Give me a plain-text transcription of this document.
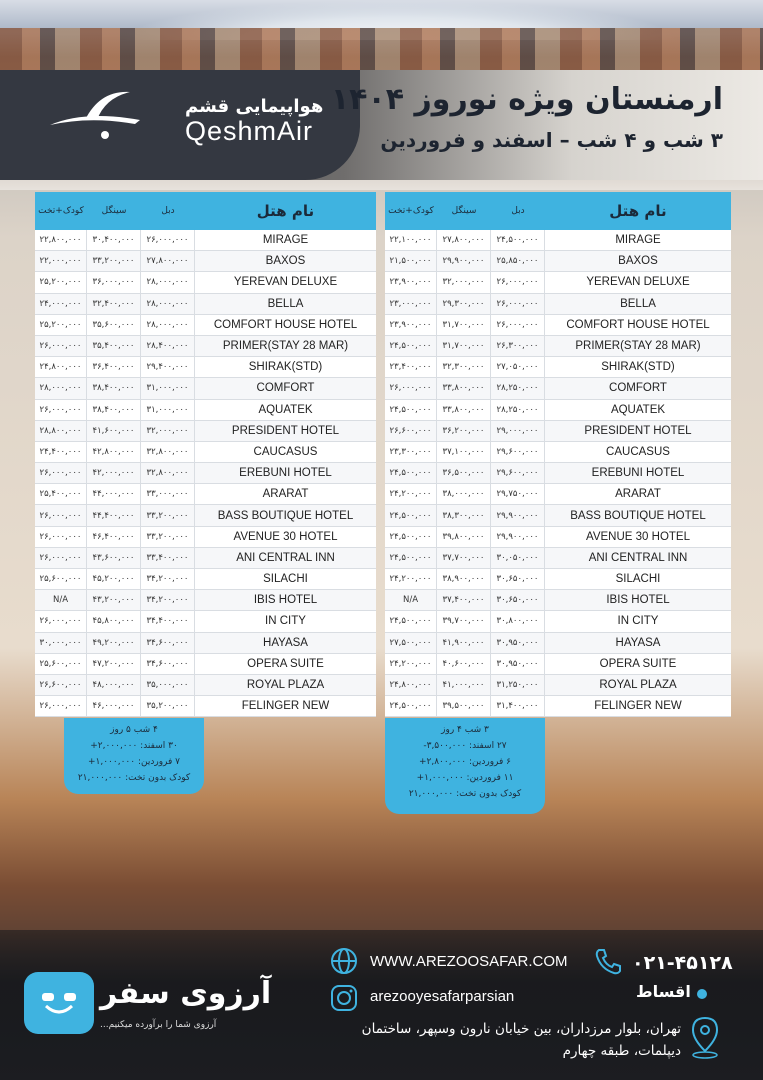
هواپیمایی قشم
QeshmAir
ارمنستان ویژه نوروز ۱۴۰۴
۳ شب و ۴ شب – اسفند و فروردین
کودک+تخت	سینگل	دبل	نام هتل
۲۲,۸۰۰,۰۰۰	۳۰,۴۰۰,۰۰۰	۲۶,۰۰۰,۰۰۰	MIRAGE
۲۲,۰۰۰,۰۰۰	۳۳,۲۰۰,۰۰۰	۲۷,۸۰۰,۰۰۰	BAXOS
۲۵,۲۰۰,۰۰۰	۳۶,۰۰۰,۰۰۰	۲۸,۰۰۰,۰۰۰	YEREVAN DELUXE
۲۴,۰۰۰,۰۰۰	۳۲,۴۰۰,۰۰۰	۲۸,۰۰۰,۰۰۰	BELLA
۲۵,۲۰۰,۰۰۰	۳۵,۶۰۰,۰۰۰	۲۸,۰۰۰,۰۰۰	COMFORT HOUSE HOTEL
۲۶,۰۰۰,۰۰۰	۳۵,۴۰۰,۰۰۰	۲۸,۴۰۰,۰۰۰	PRIMER(STAY 28 MAR)
۲۴,۸۰۰,۰۰۰	۳۶,۴۰۰,۰۰۰	۲۹,۴۰۰,۰۰۰	SHIRAK(STD)
۲۸,۰۰۰,۰۰۰	۳۸,۴۰۰,۰۰۰	۳۱,۰۰۰,۰۰۰	COMFORT
۲۶,۰۰۰,۰۰۰	۳۸,۴۰۰,۰۰۰	۳۱,۰۰۰,۰۰۰	AQUATEK
۲۸,۸۰۰,۰۰۰	۴۱,۶۰۰,۰۰۰	۳۲,۰۰۰,۰۰۰	PRESIDENT HOTEL
۲۴,۴۰۰,۰۰۰	۴۲,۸۰۰,۰۰۰	۳۲,۸۰۰,۰۰۰	CAUCASUS
۲۶,۰۰۰,۰۰۰	۴۲,۰۰۰,۰۰۰	۳۲,۸۰۰,۰۰۰	EREBUNI HOTEL
۲۵,۴۰۰,۰۰۰	۴۴,۰۰۰,۰۰۰	۳۳,۰۰۰,۰۰۰	ARARAT
۲۶,۰۰۰,۰۰۰	۴۴,۴۰۰,۰۰۰	۳۳,۲۰۰,۰۰۰	BASS BOUTIQUE HOTEL
۲۶,۰۰۰,۰۰۰	۴۶,۴۰۰,۰۰۰	۳۳,۲۰۰,۰۰۰	AVENUE 30 HOTEL
۲۶,۰۰۰,۰۰۰	۴۳,۶۰۰,۰۰۰	۳۳,۴۰۰,۰۰۰	ANI CENTRAL INN
۲۵,۶۰۰,۰۰۰	۴۵,۲۰۰,۰۰۰	۳۴,۲۰۰,۰۰۰	SILACHI
N/A	۴۳,۲۰۰,۰۰۰	۳۴,۲۰۰,۰۰۰	IBIS HOTEL
۲۶,۰۰۰,۰۰۰	۴۵,۸۰۰,۰۰۰	۳۴,۴۰۰,۰۰۰	IN CITY
۳۰,۰۰۰,۰۰۰	۴۹,۲۰۰,۰۰۰	۳۴,۶۰۰,۰۰۰	HAYASA
۲۵,۶۰۰,۰۰۰	۴۷,۲۰۰,۰۰۰	۳۴,۶۰۰,۰۰۰	OPERA SUITE
۲۶,۶۰۰,۰۰۰	۴۸,۰۰۰,۰۰۰	۳۵,۰۰۰,۰۰۰	ROYAL PLAZA
۲۶,۰۰۰,۰۰۰	۴۶,۰۰۰,۰۰۰	۳۵,۲۰۰,۰۰۰	FELINGER NEW
کودک+تخت	سینگل	دبل	نام هتل
۲۲,۱۰۰,۰۰۰	۲۷,۸۰۰,۰۰۰	۲۴,۵۰۰,۰۰۰	MIRAGE
۲۱,۵۰۰,۰۰۰	۲۹,۹۰۰,۰۰۰	۲۵,۸۵۰,۰۰۰	BAXOS
۲۳,۹۰۰,۰۰۰	۳۲,۰۰۰,۰۰۰	۲۶,۰۰۰,۰۰۰	YEREVAN DELUXE
۲۳,۰۰۰,۰۰۰	۲۹,۳۰۰,۰۰۰	۲۶,۰۰۰,۰۰۰	BELLA
۲۳,۹۰۰,۰۰۰	۳۱,۷۰۰,۰۰۰	۲۶,۰۰۰,۰۰۰	COMFORT HOUSE HOTEL
۲۴,۵۰۰,۰۰۰	۳۱,۷۰۰,۰۰۰	۲۶,۳۰۰,۰۰۰	PRIMER(STAY 28 MAR)
۲۳,۴۰۰,۰۰۰	۳۲,۳۰۰,۰۰۰	۲۷,۰۵۰,۰۰۰	SHIRAK(STD)
۲۶,۰۰۰,۰۰۰	۳۳,۸۰۰,۰۰۰	۲۸,۲۵۰,۰۰۰	COMFORT
۲۴,۵۰۰,۰۰۰	۳۳,۸۰۰,۰۰۰	۲۸,۲۵۰,۰۰۰	AQUATEK
۲۶,۶۰۰,۰۰۰	۳۶,۲۰۰,۰۰۰	۲۹,۰۰۰,۰۰۰	PRESIDENT HOTEL
۲۳,۳۰۰,۰۰۰	۳۷,۱۰۰,۰۰۰	۲۹,۶۰۰,۰۰۰	CAUCASUS
۲۴,۵۰۰,۰۰۰	۳۶,۵۰۰,۰۰۰	۲۹,۶۰۰,۰۰۰	EREBUNI HOTEL
۲۴,۲۰۰,۰۰۰	۳۸,۰۰۰,۰۰۰	۲۹,۷۵۰,۰۰۰	ARARAT
۲۴,۵۰۰,۰۰۰	۳۸,۳۰۰,۰۰۰	۲۹,۹۰۰,۰۰۰	BASS BOUTIQUE HOTEL
۲۴,۵۰۰,۰۰۰	۳۹,۸۰۰,۰۰۰	۲۹,۹۰۰,۰۰۰	AVENUE 30 HOTEL
۲۴,۵۰۰,۰۰۰	۳۷,۷۰۰,۰۰۰	۳۰,۰۵۰,۰۰۰	ANI CENTRAL INN
۲۴,۲۰۰,۰۰۰	۳۸,۹۰۰,۰۰۰	۳۰,۶۵۰,۰۰۰	SILACHI
N/A	۳۷,۴۰۰,۰۰۰	۳۰,۶۵۰,۰۰۰	IBIS HOTEL
۲۴,۵۰۰,۰۰۰	۳۹,۷۰۰,۰۰۰	۳۰,۸۰۰,۰۰۰	IN CITY
۲۷,۵۰۰,۰۰۰	۴۱,۹۰۰,۰۰۰	۳۰,۹۵۰,۰۰۰	HAYASA
۲۴,۲۰۰,۰۰۰	۴۰,۶۰۰,۰۰۰	۳۰,۹۵۰,۰۰۰	OPERA SUITE
۲۴,۸۰۰,۰۰۰	۴۱,۰۰۰,۰۰۰	۳۱,۲۵۰,۰۰۰	ROYAL PLAZA
۲۴,۵۰۰,۰۰۰	۳۹,۵۰۰,۰۰۰	۳۱,۴۰۰,۰۰۰	FELINGER NEW
۴ شب ۵ روز
۳۰ اسفند: ۲,۰۰۰,۰۰۰+
۷ فروردین: ۱,۰۰۰,۰۰۰+
کودک بدون تخت: ۲۱,۰۰۰,۰۰۰
۳ شب ۴ روز
۲۷ اسفند: ۳,۵۰۰,۰۰۰-
۶ فروردین: ۲,۸۰۰,۰۰۰+
۱۱ فروردین: ۱,۰۰۰,۰۰۰+
کودک بدون تخت: ۲۱,۰۰۰,۰۰۰
آرزوی سفر
آرزوی شما را برآورده میکنیم...
WWW.AREZOOSAFAR.COM
arezooyesafarparsian
۰۲۱-۴۵۱۲۸
اقساط
تهران، بلوار مرزداران، بین خیابان نارون وسپهر، ساختمان
دیپلمات، طبقه چهارم
